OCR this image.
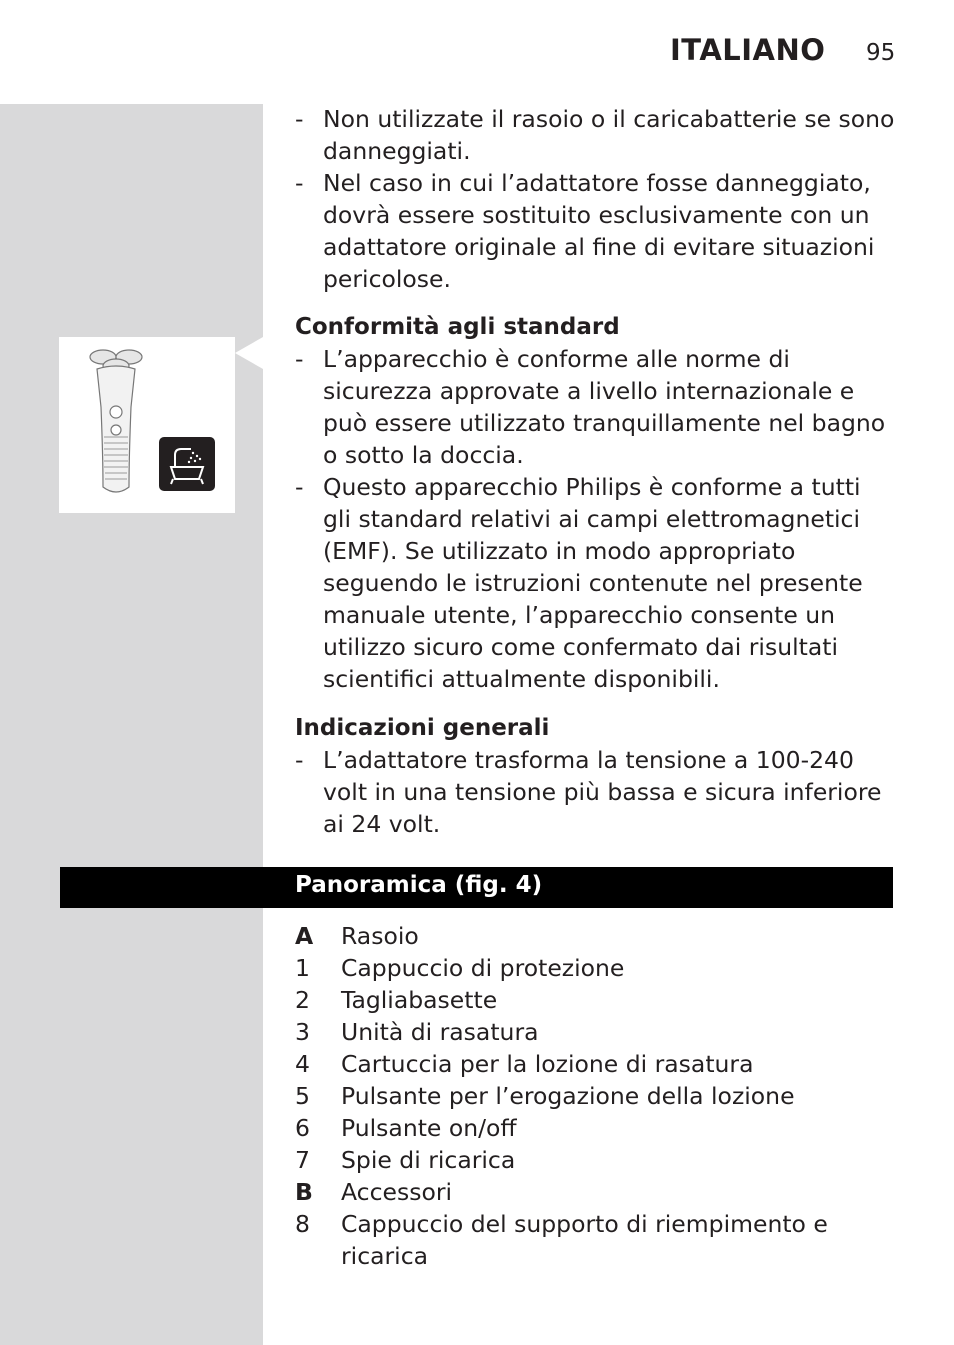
ITALIANO 95
- Non utilizzate il rasoio o il caricabatterie se sono danneggiati.
- Nel caso in cui l’adattatore fosse danneggiato, dovrà essere sostituito esclusivamente con un adattatore originale al fine di evitare situazioni pericolose.
Conformità agli standard
- L’apparecchio è conforme alle norme di sicurezza approvate a livello internazionale e può essere utilizzato tranquillamente nel bagno o sotto la doccia.
- Questo apparecchio Philips è conforme a tutti gli standard relativi ai campi elettromagnetici (EMF). Se utilizzato in modo appropriato seguendo le istruzioni contenute nel presente manuale utente, l’apparecchio consente un utilizzo sicuro come confermato dai risultati scientifici attualmente disponibili.
Indicazioni generali
- L’adattatore trasforma la tensione a 100-240 volt in una tensione più bassa e sicura inferiore ai 24 volt.
Panoramica (fig. 4)
A	Rasoio
1	Cappuccio di protezione
2	Tagliabasette
3	Unità di rasatura
4	Cartuccia per la lozione di rasatura
5	Pulsante per l’erogazione della lozione
6	Pulsante on/off
7	Spie di ricarica
B	Accessori
8	Cappuccio del supporto di riempimento e ricarica
